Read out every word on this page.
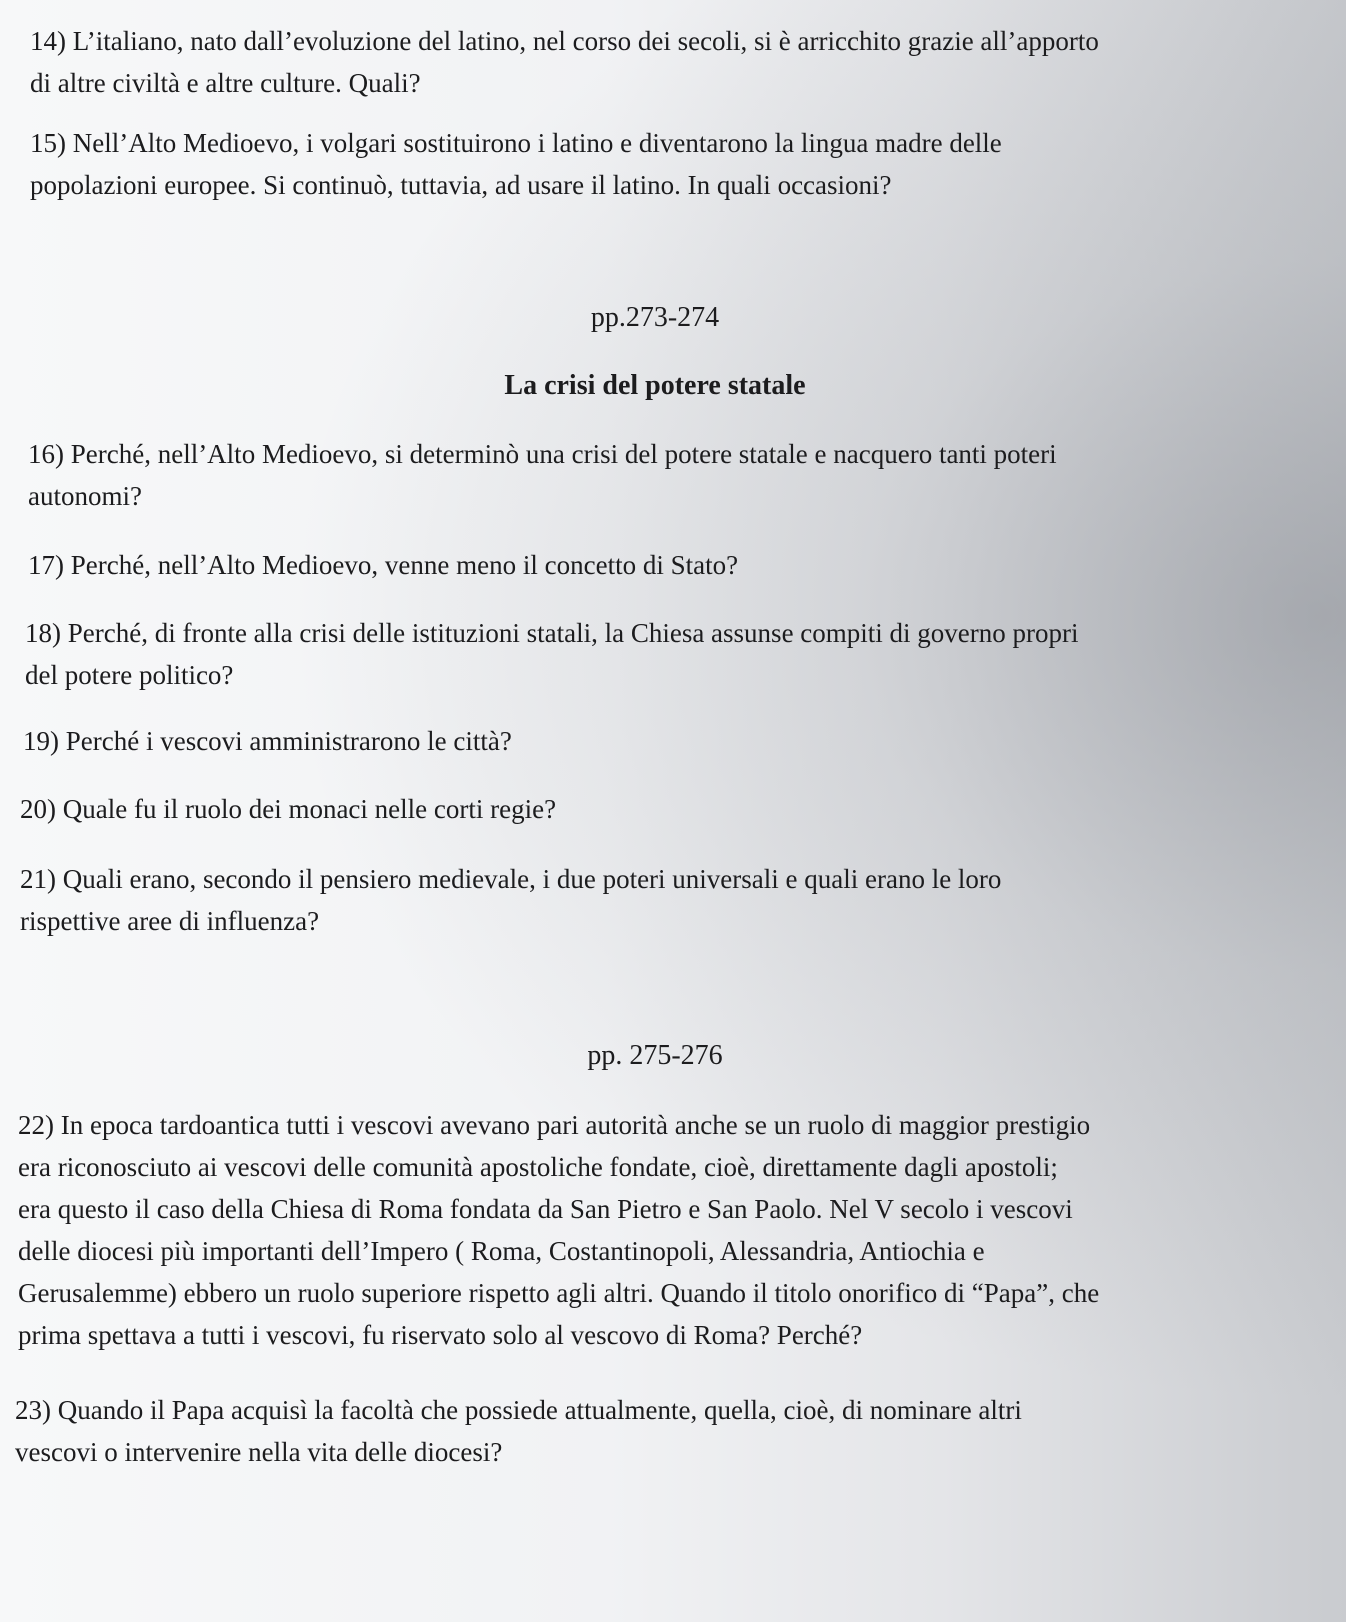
14) L’italiano, nato dall’evoluzione del latino, nel corso dei secoli, si è arricchito grazie all’apporto
di altre civiltà e altre culture. Quali?

15) Nell’Alto Medioevo, i volgari sostituirono i latino e diventarono la lingua madre delle
popolazioni europee. Si continuò, tuttavia, ad usare il latino. In quali occasioni?

pp.273-274

La crisi del potere statale

16) Perché, nell’Alto Medioevo, si determinò una crisi del potere statale e nacquero tanti poteri
autonomi?

17) Perché, nell’Alto Medioevo, venne meno il concetto di Stato?

18) Perché, di fronte alla crisi delle istituzioni statali, la Chiesa assunse compiti di governo propri
del potere politico?

19) Perché i vescovi amministrarono le città?

20) Quale fu il ruolo dei monaci nelle corti regie?

21) Quali erano, secondo il pensiero medievale, i due poteri universali e quali erano le loro
rispettive aree di influenza?

pp. 275-276

22) In epoca tardoantica tutti i vescovi avevano pari autorità anche se un ruolo di maggior prestigio
era riconosciuto ai vescovi delle comunità apostoliche fondate, cioè, direttamente dagli apostoli;
era questo il caso della Chiesa di Roma fondata da San Pietro e San Paolo. Nel V secolo i vescovi
delle diocesi più importanti dell’Impero ( Roma, Costantinopoli, Alessandria, Antiochia e
Gerusalemme) ebbero un ruolo superiore rispetto agli altri. Quando il titolo onorifico di “Papa”, che
prima spettava a tutti i vescovi, fu riservato solo al vescovo di Roma? Perché?

23) Quando il Papa acquisì la facoltà che possiede attualmente, quella, cioè, di nominare altri
vescovi o intervenire nella vita delle diocesi?
